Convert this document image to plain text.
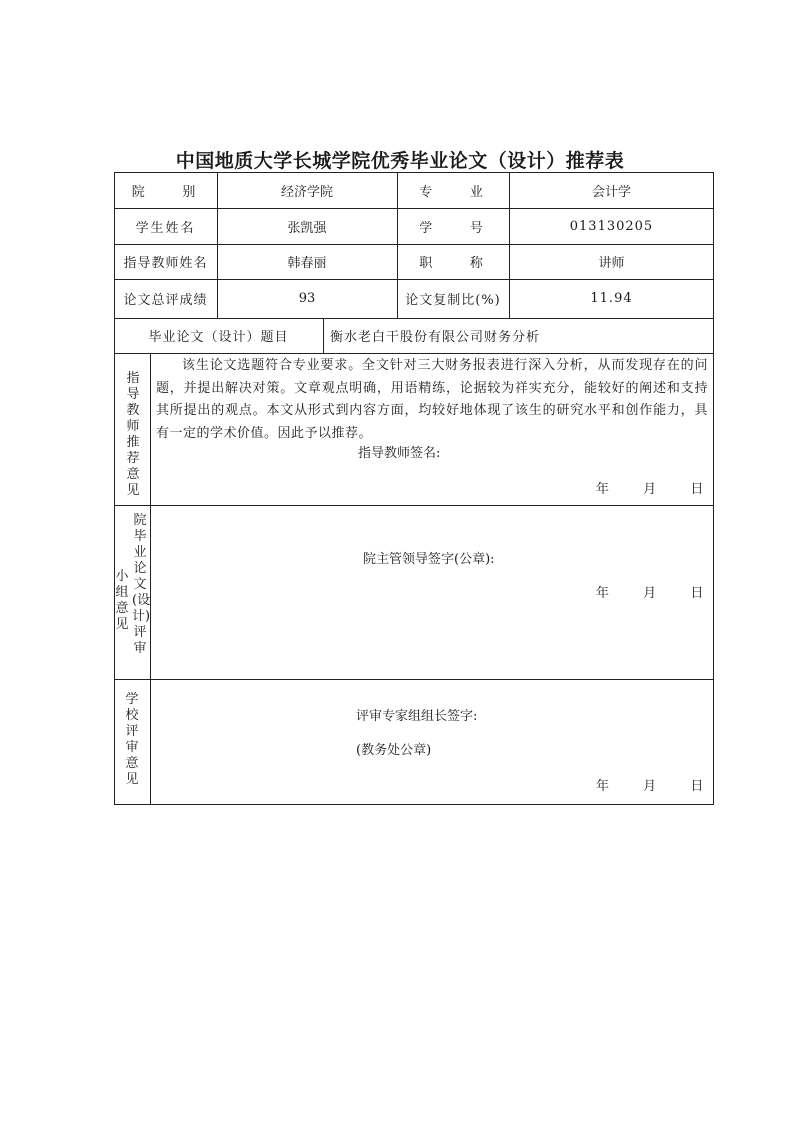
中国地质大学长城学院优秀毕业论文（设计）推荐表
院　　别	经济学院	专　　业	会计学
学生姓名	张凯强	学　　号	013130205
指导教师姓名	韩春丽	职　　称	讲师
论文总评成绩	93	论文复制比(%)	11.94
毕业论文（设计）题目	衡水老白干股份有限公司财务分析
指导教师推荐意见
该生论文选题符合专业要求。全文针对三大财务报表进行深入分析，从而发现存在的问题，并提出解决对策。文章观点明确，用语精练，论据较为祥实充分，能较好的阐述和支持其所提出的观点。本文从形式到内容方面，均较好地体现了该生的研究水平和创作能力，具有一定的学术价值。因此予以推荐。
指导教师签名:
年	月	日
院毕业论文(设计)评审
小组意见
院主管领导签字(公章):
年	月	日
学校评审意见
评审专家组组长签字:
(教务处公章)
年	月	日
